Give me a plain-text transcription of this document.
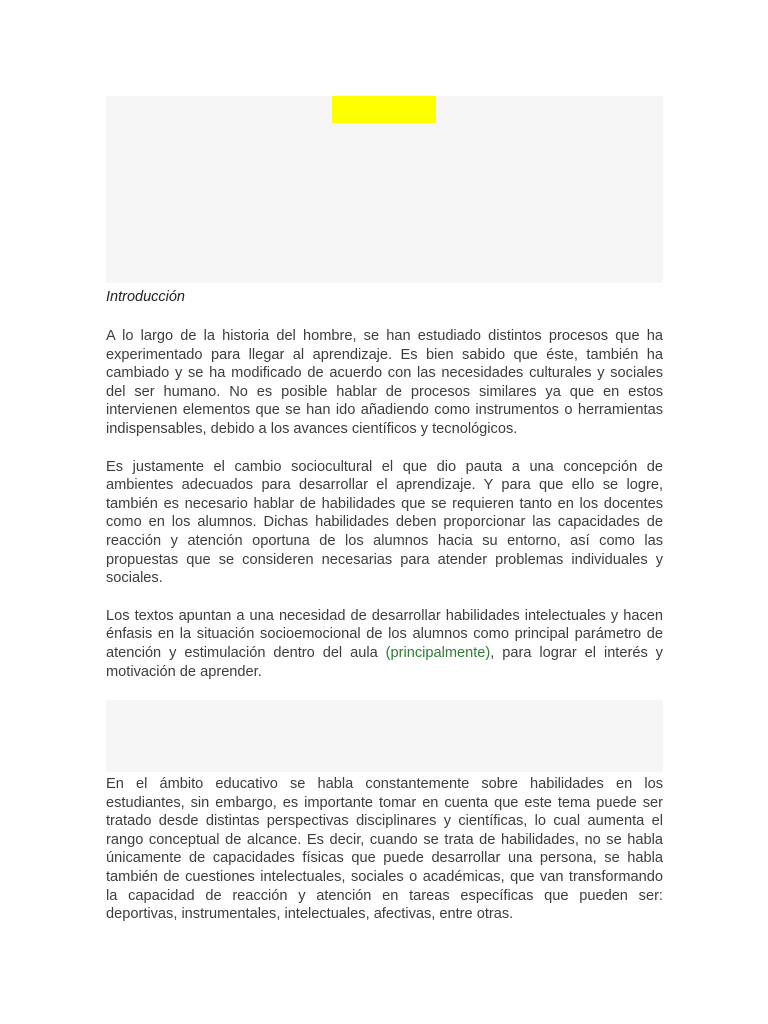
Introducción

A lo largo de la historia del hombre, se han estudiado distintos procesos que ha experimentado para llegar al aprendizaje. Es bien sabido que éste, también ha cambiado y se ha modificado de acuerdo con las necesidades culturales y sociales del ser humano. No es posible hablar de procesos similares ya que en estos intervienen elementos que se han ido añadiendo como instrumentos o herramientas indispensables, debido a los avances científicos y tecnológicos.

Es justamente el cambio sociocultural el que dio pauta a una concepción de ambientes adecuados para desarrollar el aprendizaje. Y para que ello se logre, también es necesario hablar de habilidades que se requieren tanto en los docentes como en los alumnos. Dichas habilidades deben proporcionar las capacidades de reacción y atención oportuna de los alumnos hacia su entorno, así como las propuestas que se consideren necesarias para atender problemas individuales y sociales.

Los textos apuntan a una necesidad de desarrollar habilidades intelectuales y hacen énfasis en la situación socioemocional de los alumnos como principal parámetro de atención y estimulación dentro del aula (principalmente), para lograr el interés y motivación de aprender.

En el ámbito educativo se habla constantemente sobre habilidades en los estudiantes, sin embargo, es importante tomar en cuenta que este tema puede ser tratado desde distintas perspectivas disciplinares y científicas, lo cual aumenta el rango conceptual de alcance. Es decir, cuando se trata de habilidades, no se habla únicamente de capacidades físicas que puede desarrollar una persona, se habla también de cuestiones intelectuales, sociales o académicas, que van transformando la capacidad de reacción y atención en tareas específicas que pueden ser: deportivas, instrumentales, intelectuales, afectivas, entre otras.
